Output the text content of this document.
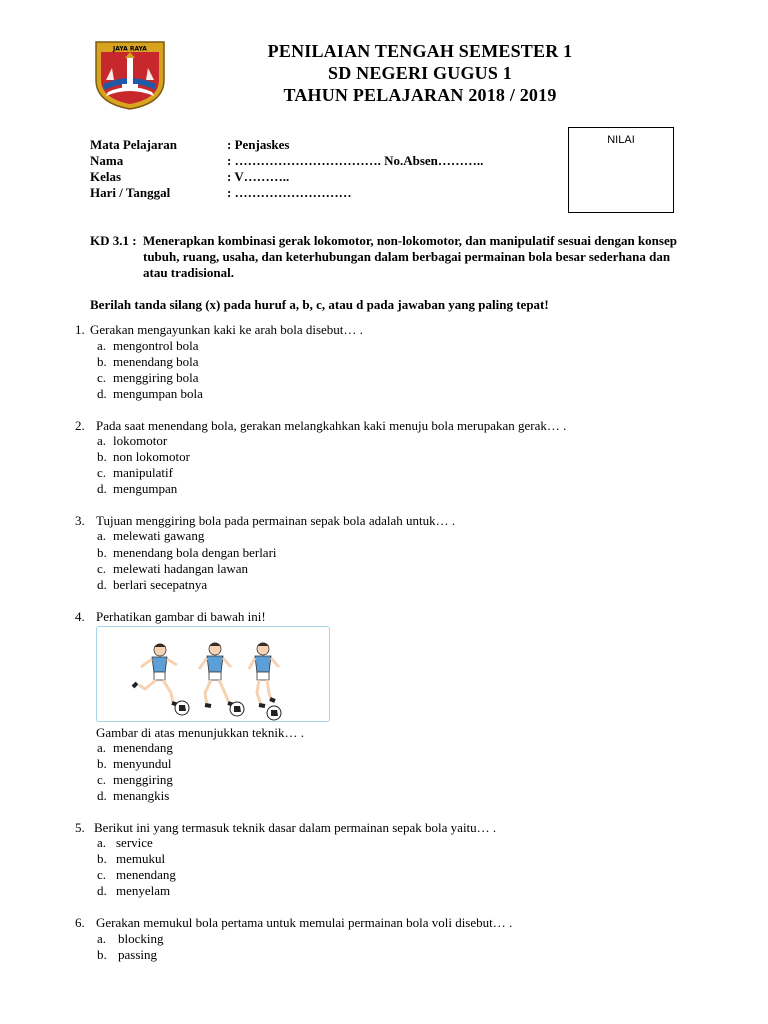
JAYA RAYA	PENILAIAN TENGAH SEMESTER 1
SD NEGERI GUGUS 1
TAHUN PELAJARAN 2018 / 2019
NILAI
Mata Pelajaran	: Penjaskes
Nama	: ……………………………. No.Absen………..
Kelas	: V………..
Hari / Tanggal	: ………………………
KD 3.1 : Menerapkan kombinasi gerak lokomotor, non-lokomotor, dan manipulatif sesuai dengan konsep tubuh, ruang, usaha, dan keterhubungan dalam berbagai permainan bola besar sederhana dan atau tradisional.
Berilah tanda silang (x) pada huruf a, b, c, atau d pada jawaban yang paling tepat!
1. Gerakan mengayunkan kaki ke arah bola disebut… .
a. mengontrol bola
b. menendang bola
c. menggiring bola
d. mengumpan bola
2. Pada saat menendang bola, gerakan melangkahkan kaki menuju bola merupakan gerak… .
a. lokomotor
b. non lokomotor
c. manipulatif
d. mengumpan
3. Tujuan menggiring bola pada permainan sepak bola adalah untuk… .
a. melewati gawang
b. menendang bola dengan berlari
c. melewati hadangan lawan
d. berlari secepatnya
4. Perhatikan gambar di bawah ini!
Gambar di atas menunjukkan teknik… .
a. menendang
b. menyundul
c. menggiring
d. menangkis
5. Berikut ini yang termasuk teknik dasar dalam permainan sepak bola yaitu… .
a. service
b. memukul
c. menendang
d. menyelam
6. Gerakan memukul bola pertama untuk memulai permainan bola voli disebut… .
a. blocking
b. passing
